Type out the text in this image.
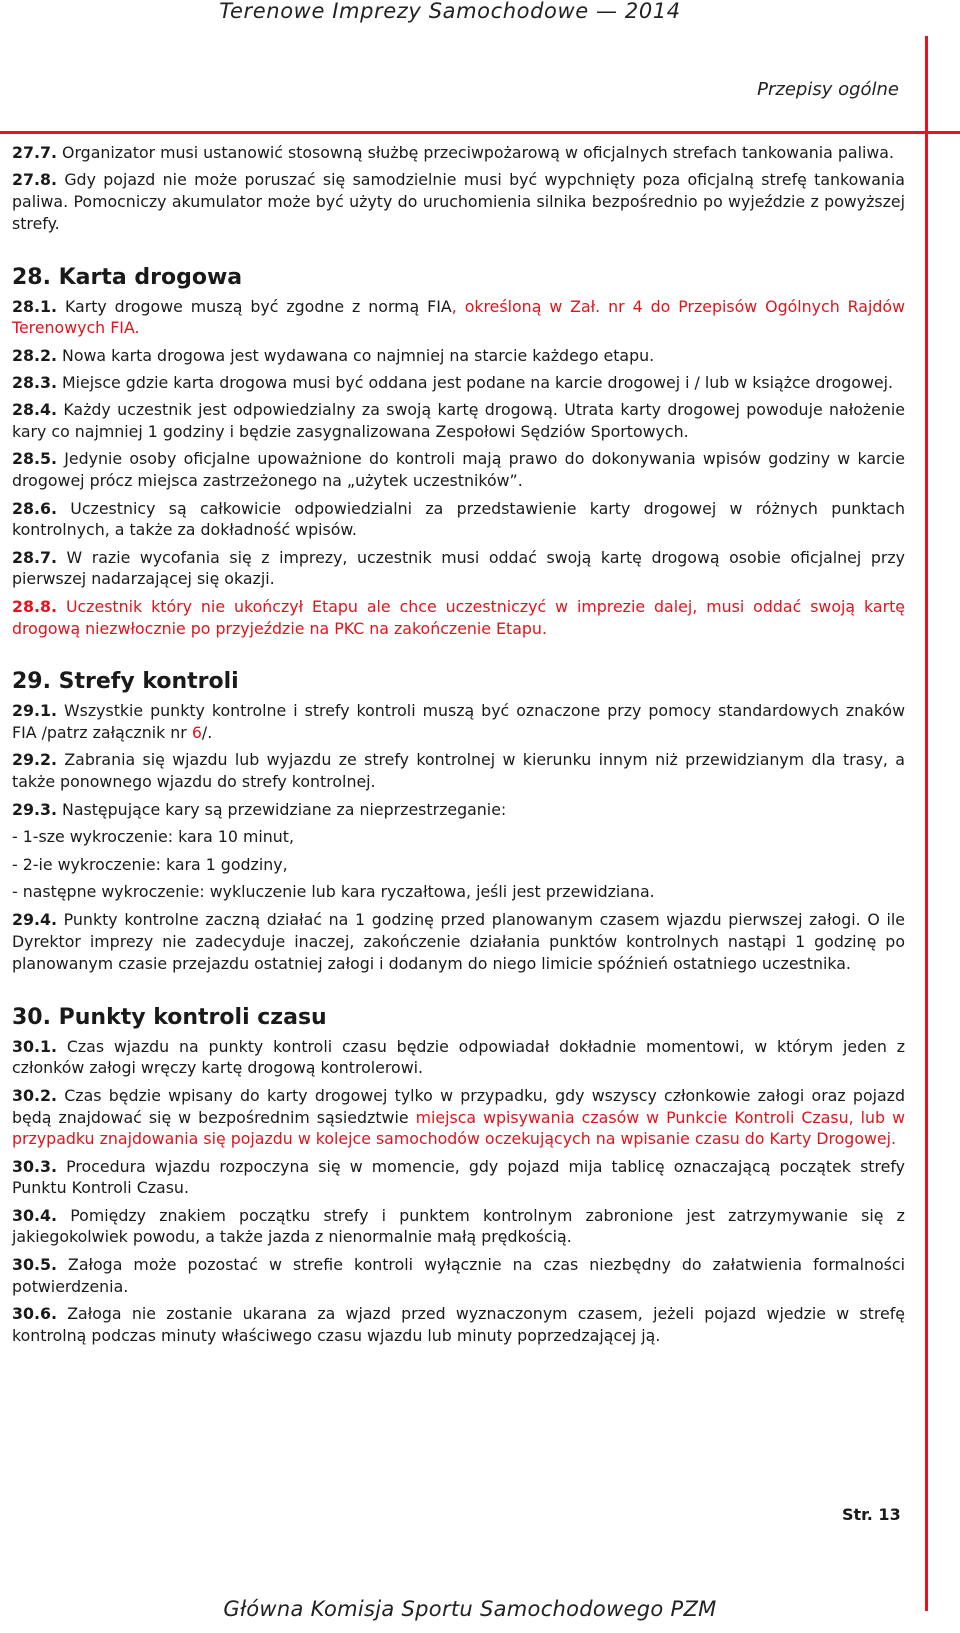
Terenowe Imprezy Samochodowe — 2014
Przepisy ogólne

27.7. Organizator musi ustanowić stosowną służbę przeciwpożarową w oficjalnych strefach tankowania paliwa.

27.8. Gdy pojazd nie może poruszać się samodzielnie musi być wypchnięty poza oficjalną strefę tankowania paliwa. Pomocniczy akumulator może być użyty do uruchomienia silnika bezpośrednio po wyjeździe z powyższej strefy.

28. Karta drogowa

28.1. Karty drogowe muszą być zgodne z normą FIA, określoną w Zał. nr 4 do Przepisów Ogólnych Rajdów Terenowych FIA.

28.2. Nowa karta drogowa jest wydawana co najmniej na starcie każdego etapu.

28.3. Miejsce gdzie karta drogowa musi być oddana jest podane na karcie drogowej i / lub w książce drogowej.

28.4. Każdy uczestnik jest odpowiedzialny za swoją kartę drogową. Utrata karty drogowej powoduje nałożenie kary co najmniej 1 godziny i będzie zasygnalizowana Zespołowi Sędziów Sportowych.

28.5. Jedynie osoby oficjalne upoważnione do kontroli mają prawo do dokonywania wpisów godziny w karcie drogowej prócz miejsca zastrzeżonego na „użytek uczestników”.

28.6. Uczestnicy są całkowicie odpowiedzialni za przedstawienie karty drogowej w różnych punktach kontrolnych, a także za dokładność wpisów.

28.7. W razie wycofania się z imprezy, uczestnik musi oddać swoją kartę drogową osobie oficjalnej przy pierwszej nadarzającej się okazji.

28.8. Uczestnik który nie ukończył Etapu ale chce uczestniczyć w imprezie dalej, musi oddać swoją kartę drogową niezwłocznie po przyjeździe na PKC na zakończenie Etapu.

29. Strefy kontroli

29.1. Wszystkie punkty kontrolne i strefy kontroli muszą być oznaczone przy pomocy standardowych znaków FIA /patrz załącznik nr 6/.

29.2. Zabrania się wjazdu lub wyjazdu ze strefy kontrolnej w kierunku innym niż przewidzianym dla trasy, a także ponownego wjazdu do strefy kontrolnej.

29.3. Następujące kary są przewidziane za nieprzestrzeganie:

- 1-sze wykroczenie: kara 10 minut,

- 2-ie wykroczenie: kara 1 godziny,

- następne wykroczenie: wykluczenie lub kara ryczałtowa, jeśli jest przewidziana.

29.4. Punkty kontrolne zaczną działać na 1 godzinę przed planowanym czasem wjazdu pierwszej załogi. O ile Dyrektor imprezy nie zadecyduje inaczej, zakończenie działania punktów kontrolnych nastąpi 1 godzinę po planowanym czasie przejazdu ostatniej załogi i dodanym do niego limicie spóźnień ostatniego uczestnika.

30. Punkty kontroli czasu

30.1. Czas wjazdu na punkty kontroli czasu będzie odpowiadał dokładnie momentowi, w którym jeden z członków załogi wręczy kartę drogową kontrolerowi.

30.2. Czas będzie wpisany do karty drogowej tylko w przypadku, gdy wszyscy członkowie załogi oraz pojazd będą znajdować się w bezpośrednim sąsiedztwie miejsca wpisywania czasów w Punkcie Kontroli Czasu, lub w przypadku znajdowania się pojazdu w kolejce samochodów oczekujących na wpisanie czasu do Karty Drogowej.

30.3. Procedura wjazdu rozpoczyna się w momencie, gdy pojazd mija tablicę oznaczającą początek strefy Punktu Kontroli Czasu.

30.4. Pomiędzy znakiem początku strefy i punktem kontrolnym zabronione jest zatrzymywanie się z jakiegokolwiek powodu, a także jazda z nienormalnie małą prędkością.

30.5. Załoga może pozostać w strefie kontroli wyłącznie na czas niezbędny do załatwienia formalności potwierdzenia.

30.6. Załoga nie zostanie ukarana za wjazd przed wyznaczonym czasem, jeżeli pojazd wjedzie w strefę kontrolną podczas minuty właściwego czasu wjazdu lub minuty poprzedzającej ją.

Str. 13
Główna Komisja Sportu Samochodowego PZM
